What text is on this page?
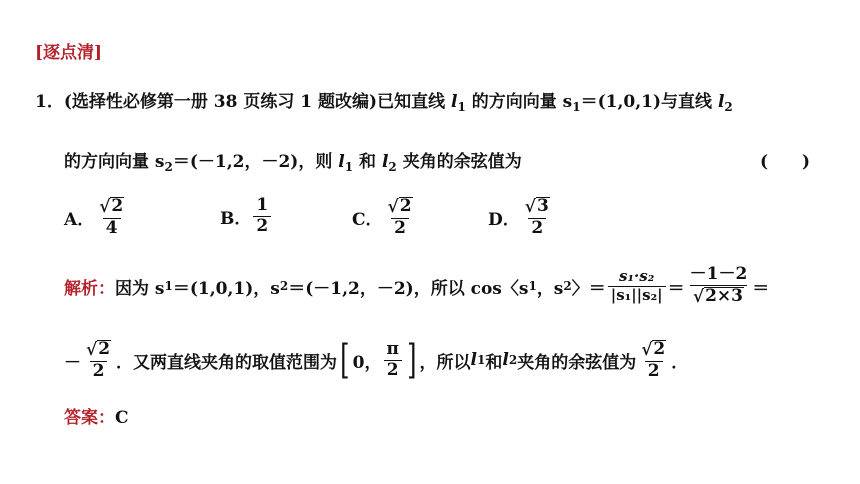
[逐点清]
1．(选择性必修第一册 38 页练习 1 题改编)已知直线 $l_1$ 的方向向量 $s_1=(1,0,1)$与直线 $l_2$
的方向向量 $s_2=(-1,2$，－2)，则 $l_1$ 和 $l_2$ 夹角的余弦值为	(　　)
A． $\frac{√ 2}{4}$	B． $\frac{1}{2}$	C． $\frac{√ 2}{2}$	D． $\frac{√ 3}{2}$
解析： 因为 s 1 ＝(1,0,1)，s 2 ＝(－1,2，－2)，所以 cos〈s 1 ，s 2 〉＝ $\frac{\text{s₁·s₂}}{\text{|s₁||s₂|}} = \frac{-1-2}{√ 2\times 3}$ ＝
－ $\frac{√ 2}{2}$ ．又两直线夹角的取值范围为 [ 0， $\frac{\pi}{2}$ ] ，所以 l 1 和 l 2 夹角的余弦值为 $\frac{√ 2}{2}$ ．
答案：C
